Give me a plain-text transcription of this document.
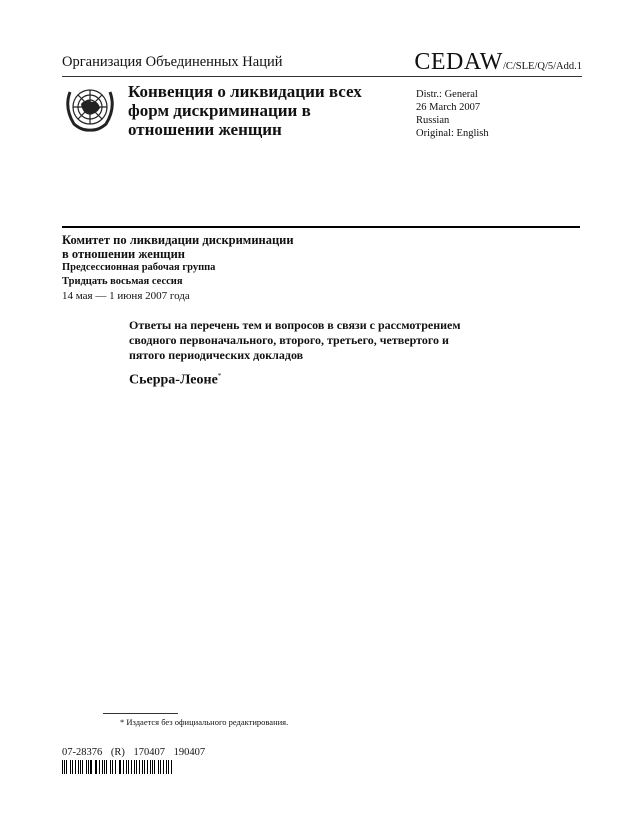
Организация Объединенных Наций	CEDAW/C/SLE/Q/5/Add.1
Конвенция о ликвидации всех
форм дискриминации в
отношении женщин
Distr.: General
26 March 2007
Russian
Original: English
Комитет по ликвидации дискриминации
в отношении женщин
Предсессионная рабочая группа
Тридцать восьмая сессия
14 мая — 1 июня 2007 года
Ответы на перечень тем и вопросов в связи с рассмотрением
сводного первоначального, второго, третьего, четвертого и
пятого периодических докладов
Сьерра-Леоне*
* Издается без официального редактирования.
07-28376 (R) 170407 190407
